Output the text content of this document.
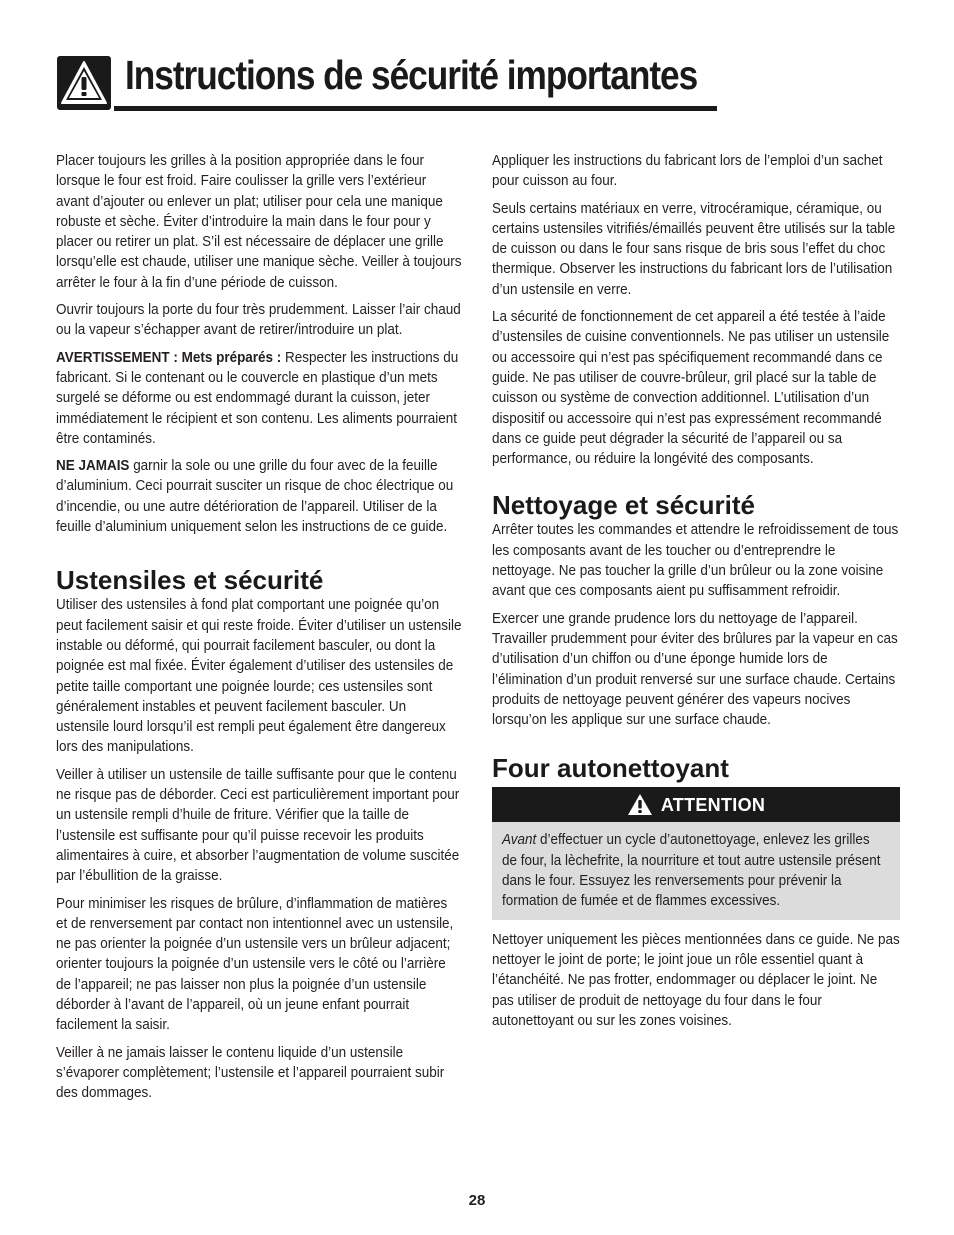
Instructions de sécurité importantes

Placer toujours les grilles à la position appropriée dans le four lorsque le four est froid. Faire coulisser la grille vers l’extérieur avant d’ajouter ou enlever un plat; utiliser pour cela une manique robuste et sèche. Éviter d’introduire la main dans le four pour y placer ou retirer un plat. S’il est nécessaire de déplacer une grille lorsqu’elle est chaude, utiliser une manique sèche. Veiller à toujours arrêter le four à la fin d’une période de cuisson.

Ouvrir toujours la porte du four très prudemment. Laisser l’air chaud ou la vapeur s’échapper avant de retirer/introduire un plat.

AVERTISSEMENT : Mets préparés : Respecter les instructions du fabricant. Si le contenant ou le couvercle en plastique d’un mets surgelé se déforme ou est endommagé durant la cuisson, jeter immédiatement le récipient et son contenu. Les aliments pourraient être contaminés.

NE JAMAIS garnir la sole ou une grille du four avec de la feuille d’aluminium. Ceci pourrait susciter un risque de choc électrique ou d’incendie, ou une autre détérioration de l’appareil. Utiliser de la feuille d’aluminium uniquement selon les instructions de ce guide.

Ustensiles et sécurité

Utiliser des ustensiles à fond plat comportant une poignée qu’on peut facilement saisir et qui reste froide. Éviter d’utiliser un ustensile instable ou déformé, qui pourrait facilement basculer, ou dont la poignée est mal fixée. Éviter également d’utiliser des ustensiles de petite taille comportant une poignée lourde; ces ustensiles sont généralement instables et peuvent facilement basculer. Un ustensile lourd lorsqu’il est rempli peut également être dangereux lors des manipulations.

Veiller à utiliser un ustensile de taille suffisante pour que le contenu ne risque pas de déborder. Ceci est particulièrement important pour un ustensile rempli d’huile de friture. Vérifier que la taille de l’ustensile est suffisante pour qu’il puisse recevoir les produits alimentaires à cuire, et absorber l’augmentation de volume suscitée par l’ébullition de la graisse.

Pour minimiser les risques de brûlure, d’inflammation de matières et de renversement par contact non intentionnel avec un ustensile, ne pas orienter la poignée d’un ustensile vers un brûleur adjacent; orienter toujours la poignée d’un ustensile vers le côté ou l’arrière de l’appareil; ne pas laisser non plus la poignée d’un ustensile déborder à l’avant de l’appareil, où un jeune enfant pourrait facilement la saisir.

Veiller à ne jamais laisser le contenu liquide d’un ustensile s’évaporer complètement; l’ustensile et l’appareil pourraient subir des dommages.

Appliquer les instructions du fabricant lors de l’emploi d’un sachet pour cuisson au four.

Seuls certains matériaux en verre, vitrocéramique, céramique, ou certains ustensiles vitrifiés/émaillés peuvent être utilisés sur la table de cuisson ou dans le four sans risque de bris sous l’effet du choc thermique. Observer les instructions du fabricant lors de l’utilisation d’un ustensile en verre.

La sécurité de fonctionnement de cet appareil a été testée à l’aide d’ustensiles de cuisine conventionnels. Ne pas utiliser un ustensile ou accessoire qui n’est pas spécifiquement recommandé dans ce guide. Ne pas utiliser de couvre-brûleur, gril placé sur la table de cuisson ou système de convection additionnel. L’utilisation d’un dispositif ou accessoire qui n’est pas expressément recommandé dans ce guide peut dégrader la sécurité de l’appareil ou sa performance, ou réduire la longévité des composants.

Nettoyage et sécurité

Arrêter toutes les commandes et attendre le refroidissement de tous les composants avant de les toucher ou d’entreprendre le nettoyage. Ne pas toucher la grille d’un brûleur ou la zone voisine avant que ces composants aient pu suffisamment refroidir.

Exercer une grande prudence lors du nettoyage de l’appareil. Travailler prudemment pour éviter des brûlures par la vapeur en cas d’utilisation d’un chiffon ou d’une éponge humide lors de l’élimination d’un produit renversé sur une surface chaude. Certains produits de nettoyage peuvent générer des vapeurs nocives lorsqu’on les applique sur une surface chaude.

Four autonettoyant
ATTENTION

Avant d’effectuer un cycle d’autonettoyage, enlevez les grilles de four, la lèchefrite, la nourriture et tout autre ustensile présent dans le four. Essuyez les renversements pour prévenir la formation de fumée et de flammes excessives.

Nettoyer uniquement les pièces mentionnées dans ce guide. Ne pas nettoyer le joint de porte; le joint joue un rôle essentiel quant à l’étanchéité. Ne pas frotter, endommager ou déplacer le joint. Ne pas utiliser de produit de nettoyage du four dans le four autonettoyant ou sur les zones voisines.

28
